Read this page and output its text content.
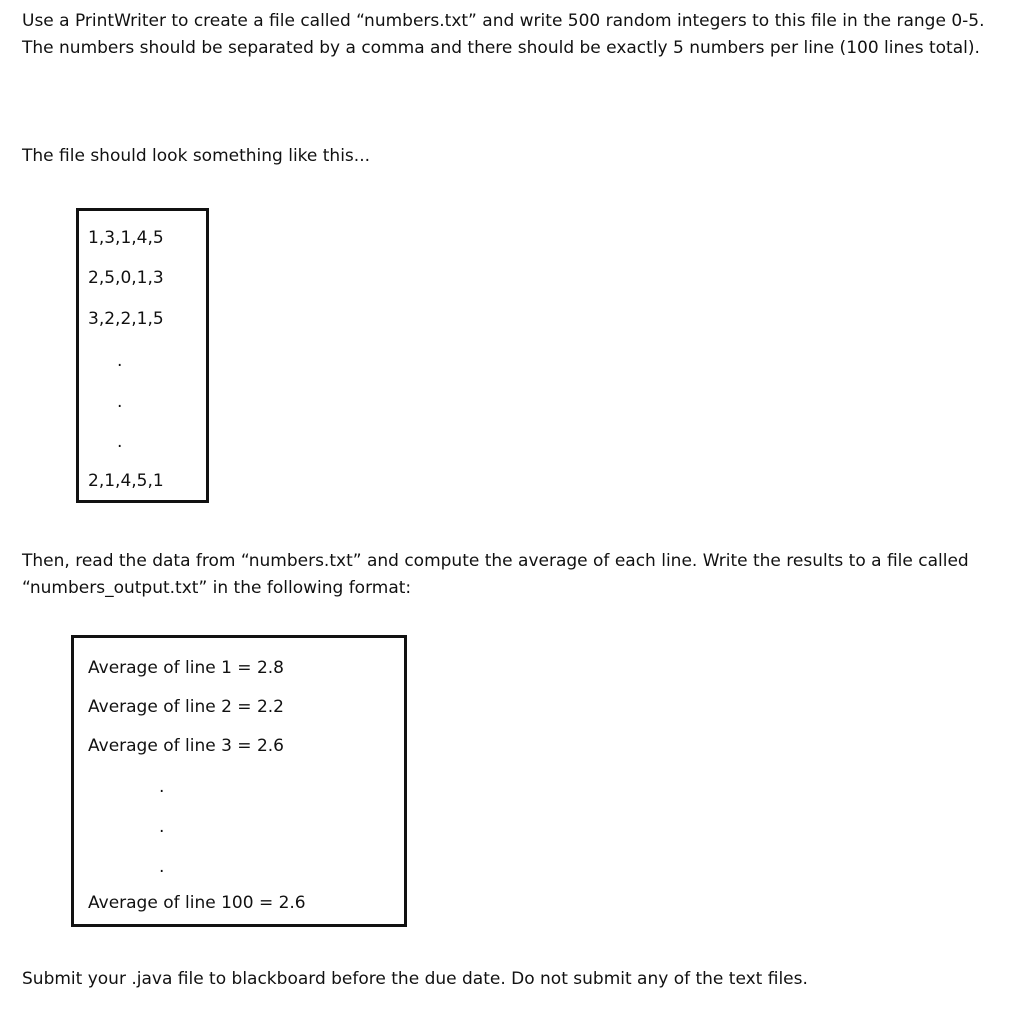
Use a PrintWriter to create a file called “numbers.txt” and write 500 random integers to this file in the range 0-5. The numbers should be separated by a comma and there should be exactly 5 numbers per line (100 lines total).

The file should look something like this...

1,3,1,4,5
2,5,0,1,3
3,2,2,1,5
.
.
.
2,1,4,5,1

Then, read the data from “numbers.txt” and compute the average of each line. Write the results to a file called “numbers_output.txt” in the following format:

Average of line 1 = 2.8
Average of line 2 = 2.2
Average of line 3 = 2.6
.
.
.
Average of line 100 = 2.6

Submit your .java file to blackboard before the due date. Do not submit any of the text files.
